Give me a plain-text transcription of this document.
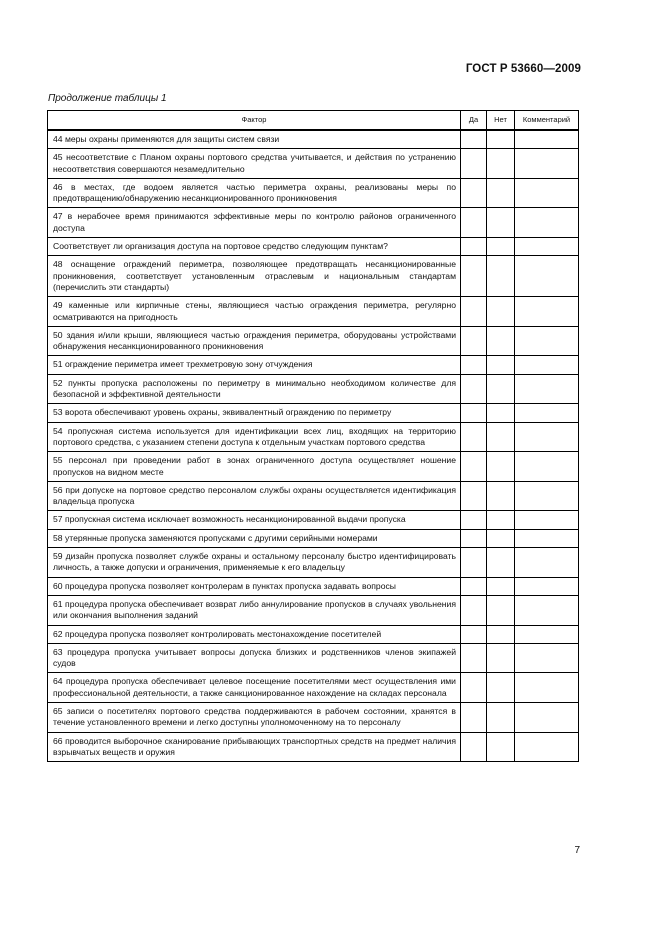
ГОСТ Р 53660—2009
Продолжение таблицы 1
Фактор	Да	Нет	Комментарий
44 меры охраны применяются для защиты систем связи			
45 несоответствие с Планом охраны портового средства учитывается, и действия по устранению несоответствия совершаются незамедлительно			
46 в местах, где водоем является частью периметра охраны, реализованы меры по предотвращению/обнаружению несанкционированного проникновения			
47 в нерабочее время принимаются эффективные меры по контролю районов ограниченного доступа			
Соответствует ли организация доступа на портовое средство следующим пунктам?			
48 оснащение ограждений периметра, позволяющее предотвращать несанкционированные проникновения, соответствует установленным отраслевым и национальным стандартам (перечислить эти стандарты)			
49 каменные или кирпичные стены, являющиеся частью ограждения периметра, регулярно осматриваются на пригодность			
50 здания и/или крыши, являющиеся частью ограждения периметра, оборудованы устройствами обнаружения несанкционированного проникновения			
51 ограждение периметра имеет трехметровую зону отчуждения			
52 пункты пропуска расположены по периметру в минимально необходимом количестве для безопасной и эффективной деятельности			
53 ворота обеспечивают уровень охраны, эквивалентный ограждению по периметру			
54 пропускная система используется для идентификации всех лиц, входящих на территорию портового средства, с указанием степени доступа к отдельным участкам портового средства			
55 персонал при проведении работ в зонах ограниченного доступа осуществляет ношение пропусков на видном месте			
56 при допуске на портовое средство персоналом службы охраны осуществляется идентификация владельца пропуска			
57 пропускная система исключает возможность несанкционированной выдачи пропуска			
58 утерянные пропуска заменяются пропусками с другими серийными номерами			
59 дизайн пропуска позволяет службе охраны и остальному персоналу быстро идентифицировать личность, а также допуски и ограничения, применяемые к его владельцу			
60 процедура пропуска позволяет контролерам в пунктах пропуска задавать вопросы			
61 процедура пропуска обеспечивает возврат либо аннулирование пропусков в случаях увольнения или окончания выполнения заданий			
62 процедура пропуска позволяет контролировать местонахождение посетителей			
63 процедура пропуска учитывает вопросы допуска близких и родственников членов экипажей судов			
64 процедура пропуска обеспечивает целевое посещение посетителями мест осуществления ими профессиональной деятельности, а также санкционированное нахождение на складах персонала			
65 записи о посетителях портового средства поддерживаются в рабочем состоянии, хранятся в течение установленного времени и легко доступны уполномоченному на то персоналу			
66 проводится выборочное сканирование прибывающих транспортных средств на предмет наличия взрывчатых веществ и оружия			
7
